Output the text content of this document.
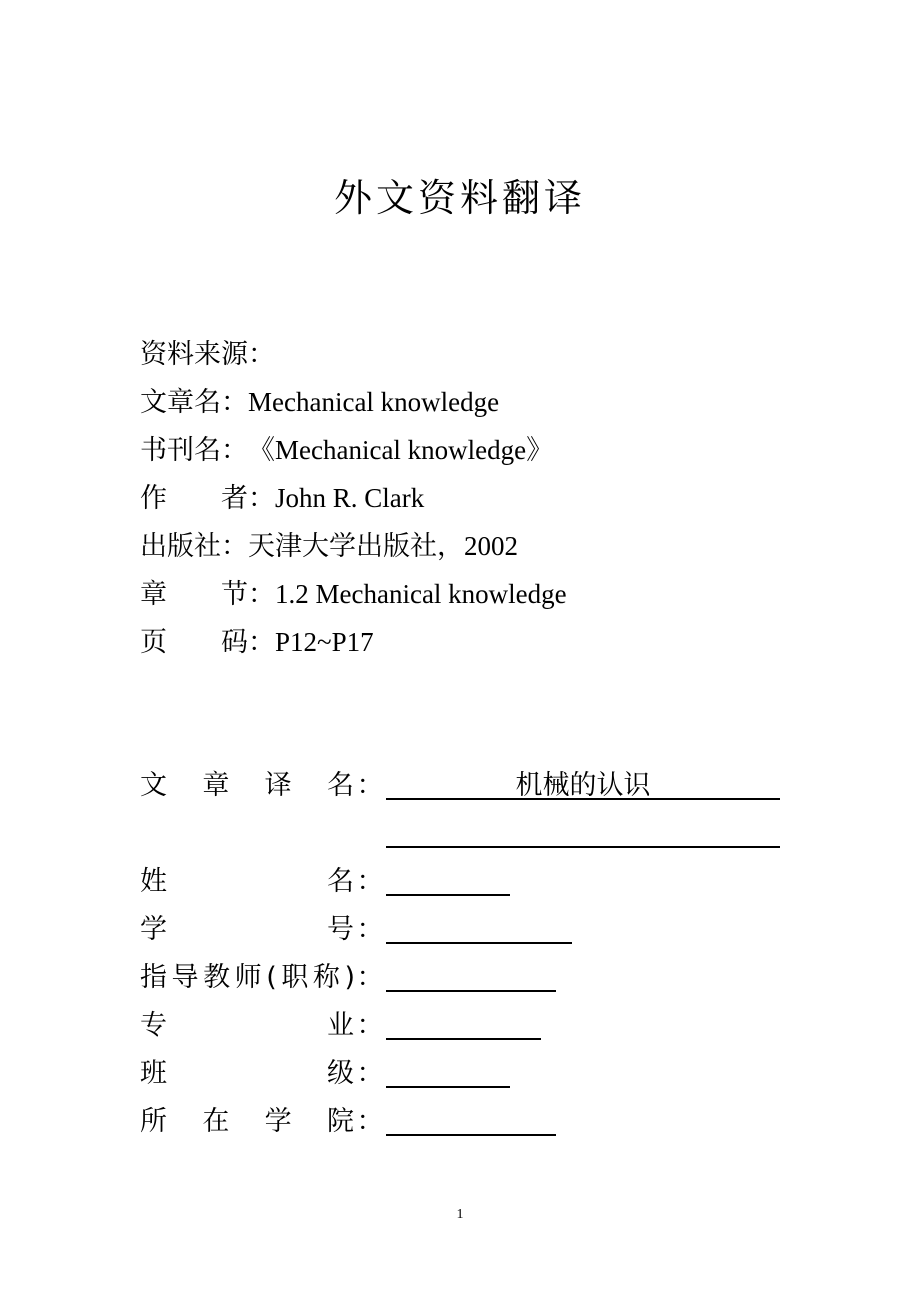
外文资料翻译
资料来源：
文章名：Mechanical knowledge
书刊名：《Mechanical knowledge》
作者：John R. Clark
出版社：天津大学出版社，2002
章节：1.2 Mechanical knowledge
页码：P12~P17
文章译名 ：	机械的认识
姓名 ：
学号 ：
指导教师(职称) ：
专业 ：
班级 ：
所在学院 ：
1
